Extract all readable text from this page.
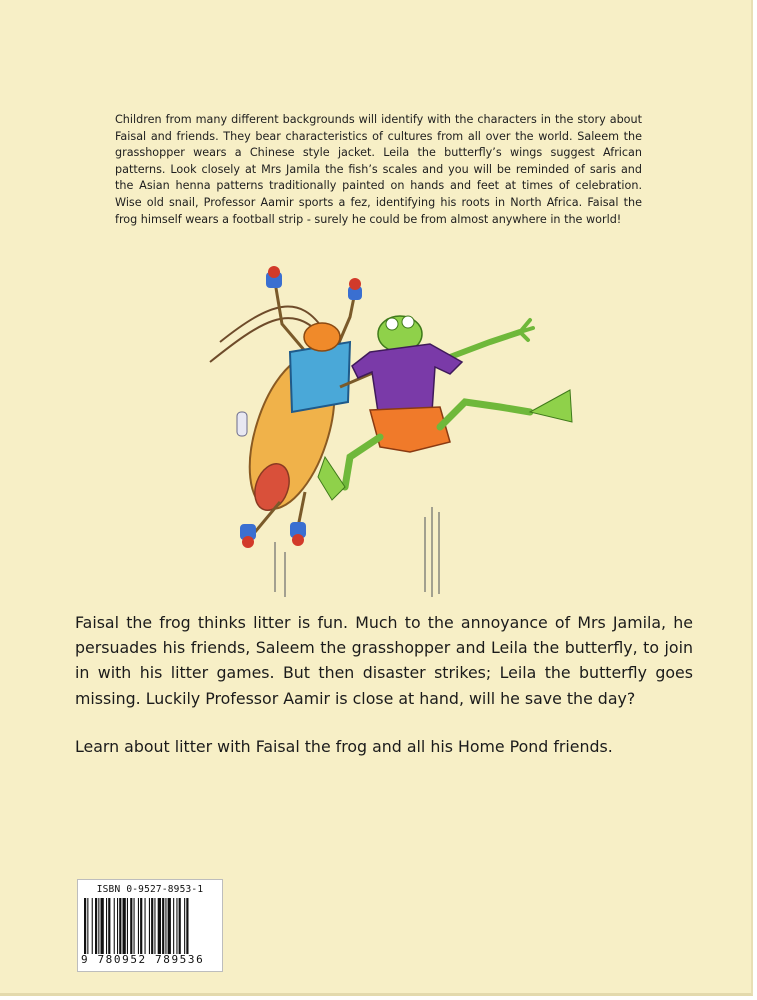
Children from many different backgrounds will identify with the characters in the story about Faisal and friends. They bear characteristics of cultures from all over the world. Saleem the grasshopper wears a Chinese style jacket. Leila the butterfly’s wings suggest African patterns. Look closely at Mrs Jamila the fish’s scales and you will be reminded of saris and the Asian henna patterns traditionally painted on hands and feet at times of celebration. Wise old snail, Professor Aamir sports a fez, identifying his roots in North Africa. Faisal the frog himself wears a football strip - surely he could be from almost anywhere in the world!

Faisal the frog thinks litter is fun. Much to the annoyance of Mrs Jamila, he persuades his friends, Saleem the grasshopper and Leila the butterfly, to join in with his litter games. But then disaster strikes; Leila the butterfly goes missing. Luckily Professor Aamir is close at hand, will he save the day?

Learn about litter with Faisal the frog and all his Home Pond friends.

ISBN 0-9527-8953-1
9 780952 789536
